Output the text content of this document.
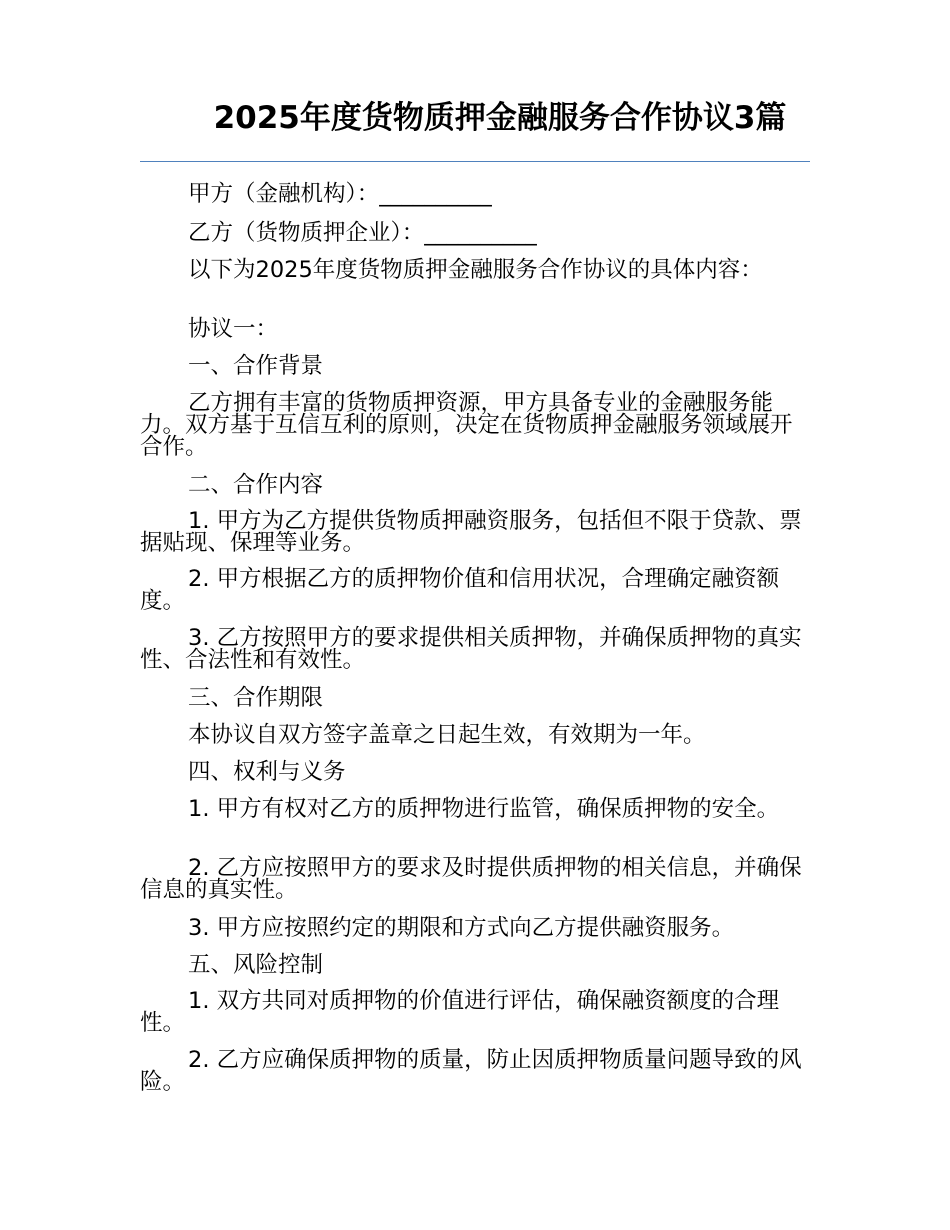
2025年度货物质押金融服务合作协议3篇

甲方（金融机构）：__________

乙方（货物质押企业）：__________

以下为2025年度货物质押金融服务合作协议的具体内容：

协议一：

一、合作背景

乙方拥有丰富的货物质押资源，甲方具备专业的金融服务能力。双方基于互信互利的原则，决定在货物质押金融服务领域展开合作。

二、合作内容

1. 甲方为乙方提供货物质押融资服务，包括但不限于贷款、票据贴现、保理等业务。

2. 甲方根据乙方的质押物价值和信用状况，合理确定融资额度。

3. 乙方按照甲方的要求提供相关质押物，并确保质押物的真实性、合法性和有效性。

三、合作期限

本协议自双方签字盖章之日起生效，有效期为一年。

四、权利与义务

1. 甲方有权对乙方的质押物进行监管，确保质押物的安全。

2. 乙方应按照甲方的要求及时提供质押物的相关信息，并确保信息的真实性。

3. 甲方应按照约定的期限和方式向乙方提供融资服务。

五、风险控制

1. 双方共同对质押物的价值进行评估，确保融资额度的合理性。

2. 乙方应确保质押物的质量，防止因质押物质量问题导致的风险。
